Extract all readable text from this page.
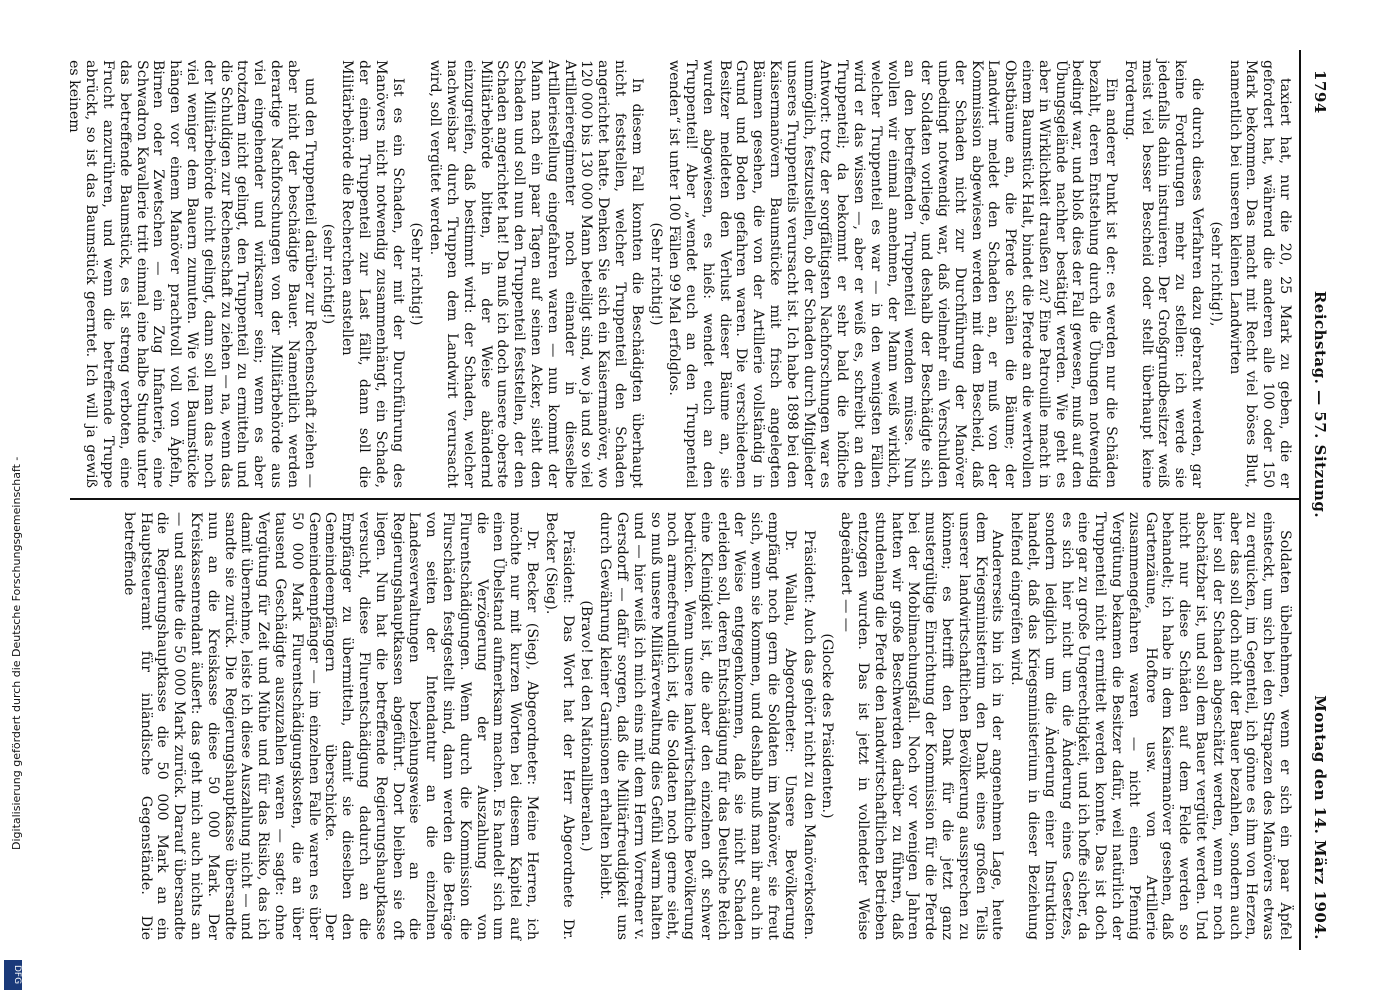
Digitalisierung gefördert durch die Deutsche Forschungsgemeinschaft -
DFG
1794
Reichstag. — 57. Sitzung.
Montag den 14. März 1904.

taxiert hat, nur die 20, 25 Mark zu geben, die er gefordert hat, während die anderen alle 100 oder 150 Mark bekommen. Das macht mit Recht viel böses Blut, namentlich bei unseren kleinen Landwirten

(sehr richtig!),

die durch dieses Verfahren dazu gebracht werden, gar keine Forderungen mehr zu stellen: ich werde sie jedenfalls dahin instruieren. Der Großgrundbesitzer weiß meist viel besser Bescheid oder stellt überhaupt keine Forderung.

Ein anderer Punkt ist der: es werden nur die Schäden bezahlt, deren Entstehung durch die Übungen notwendig bedingt war, und bloß dies der Fall gewesen, muß auf den Übungsgelände nachher bestätigt werden. Wie geht es aber in Wirklichkeit draußen zu? Eine Patrouille macht in einem Baumstück Halt, bindet die Pferde an die wertvollen Obstbäume an, die Pferde schälen die Bäume; der Landwirt meldet den Schaden an, er muß von der Kommission abgewiesen werden mit dem Bescheid, daß der Schaden nicht zur Durchführung der Manöver unbedingt notwendig war, daß vielmehr ein Verschulden der Soldaten vorliege, und deshalb der Beschädigte sich an den betreffenden Truppenteil wenden müsse. Nun wollen wir einmal annehmen, der Mann weiß wirklich, welcher Truppenteil es war — in den wenigsten Fällen wird er das wissen —, aber er weiß es, schreibt an den Truppenteil; da bekommt er sehr bald die höfliche Antwort: trotz der sorgfältigsten Nachforschungen war es unmöglich, festzustellen, ob der Schaden durch Mitglieder unseres Truppenteils verursacht ist. Ich habe 1898 bei den Kaisermanövern Baumstücke mit frisch angelegten Bäumen gesehen, die von der Artillerie vollständig in Grund und Boden gefahren waren. Die verschiedenen Besitzer meldeten den Verlust dieser Bäume an, sie wurden abgewiesen, es hieß: wendet euch an den Truppenteil! Aber „wendet euch an den Truppenteil wenden“ ist unter 100 Fällen 99 Mal erfolglos.

(Sehr richtig!)

In diesem Fall konnten die Beschädigten überhaupt nicht feststellen, welcher Truppenteil den Schaden angerichtet hatte. Denken Sie sich ein Kaisermanöver, wo 120 000 bis 130 000 Mann beteiligt sind, wo ja und so viel Artillerieregimenter noch einander in diesselbe Artilleriestellung eingefahren waren — nun kommt der Mann nach ein paar Tagen auf seinen Acker, sieht den Schaden und soll nun den Truppenteil feststellen, der den Schaden angerichtet hat! Da muß ich doch unsere oberste Militärbehörde bitten, in der Weise abändernd einzugreifen, daß bestimmt wird: der Schaden, welcher nachweisbar durch Truppen dem Landwirt verursacht wird, soll vergütet werden.

(Sehr richtig!)

Ist es ein Schaden, der mit der Durchführung des Manövers nicht notwendig zusammenhängt, ein Schade, der einem Truppenteil zur Last fällt, dann soll die Militärbehörde die Recherchen anstellen

(sehr richtig!)

und den Truppenteil darüber zur Rechenschaft ziehen — aber nicht der beschädigte Bauer. Namentlich werden derartige Nachforschungen von der Militärbehörde aus viel eingehender und wirksamer sein; wenn es aber trotzdem nicht gelingt, den Truppenteil zu ermitteln und die Schuldigen zur Rechenschaft zu ziehen — na, wenn das der Militärbehörde nicht gelingt, dann soll man das noch viel weniger dem Bauern zumuten. Wie viel Baumstücke hängen vor einem Manöver prachtvoll voll von Äpfeln, Birnen oder Zwetschen — ein Zug Infanterie, eine Schwadron Kavallerie tritt einmal eine halbe Stunde unter das betreffende Baumstück, es ist streng verboten, eine Frucht anzurühren, und wenn die betreffende Truppe abrückt, so ist das Baumstück geerntet. Ich will ja gewiß es keinem

Soldaten übelnehmen, wenn er sich ein paar Äpfel einsteckt, um sich bei den Strapazen des Manövers etwas zu erquicken, im Gegenteil, ich gönne es ihm von Herzen, aber das soll doch nicht der Bauer bezahlen, sondern auch hier soll der Schaden abgeschätzt werden, wenn er noch abschätzbar ist, und soll dem Bauer vergütet werden. Und nicht nur diese Schäden auf dem Felde werden so behandelt; ich habe in dem Kaisermanöver gesehen, daß Gartenzäune, Hoftore usw. von Artillerie zusammengefahren waren — nicht einen Pfennig Vergütung bekamen die Besitzer dafür, weil natürlich der Truppenteil nicht ermittelt werden konnte. Das ist doch eine gar zu große Ungerechtigkeit, und ich hoffe sicher, da es sich hier nicht um die Änderung eines Gesetzes, sondern lediglich um die Änderung einer Instruktion handelt, daß das Kriegsministerium in dieser Beziehung helfend eingreifen wird.

Andererseits bin ich in der angenehmen Lage, heute dem Kriegsministerium den Dank eines großen Teils unserer landwirtschaftlichen Bevölkerung aussprechen zu können; es betrifft den Dank für die jetzt ganz mustergültige Einrichtung der Kommission für die Pferde bei der Mobilmachungsfall. Noch vor wenigen Jahren hatten wir große Beschwerden darüber zu führen, daß stundenlang die Pferde den landwirtschaftlichen Betrieben entzogen wurden. Das ist jetzt in vollendeter Weise abgeändert — —

(Glocke des Präsidenten.)

Präsident: Auch das gehört nicht zu den Manöverkosten.

Dr. Wallau, Abgeordneter: Unsere Bevölkerung empfängt noch gern die Soldaten im Manöver, sie freut sich, wenn sie kommen, und deshalb muß man ihr auch in der Weise entgegenkommen, daß sie nicht Schaden erleiden soll, deren Entschädigung für das Deutsche Reich eine Kleinigkeit ist, die aber den einzelnen oft schwer bedrücken. Wenn unsere landwirtschaftliche Bevölkerung noch armeefreundlich ist, die Soldaten noch gerne sieht, so muß unsere Militärverwaltung dies Gefühl warm halten und — hier weiß ich mich eins mit dem Herrn Vorredner v. Gersdorff — dafür sorgen, daß die Militärfreudigkeit uns durch Gewährung kleiner Garnisonen erhalten bleibt.

(Bravo! bei den Nationalliberalen.)

Präsident: Das Wort hat der Herr Abgeordnete Dr. Becker (Sieg).

Dr. Becker (Sieg), Abgeordneter: Meine Herren, ich möchte nur mit kurzen Worten bei diesem Kapitel auf einen Übelstand aufmerksam machen. Es handelt sich um die Verzögerung der Auszahlung von Flurentschädigungen. Wenn durch die Kommission die Flurschäden festgestellt sind, dann werden die Beträge von seiten der Intendantur an die einzelnen Landesverwaltungen beziehungsweise an die Regierungshauptkassen abgeführt. Dort bleiben sie oft liegen. Nun hat die betreffende Regierungshauptkasse versucht, diese Flurentschädigung dadurch an die Empfänger zu übermitteln, damit sie dieselben den Gemeindeempfängern überschickte. Der Gemeindeempfänger — im einzelnen Falle waren es über 50 000 Mark Flurentschädigungskosten, die an über tausend Geschädigte auszuzahlen waren — sagte: ohne Vergütung für Zeit und Mühe und für das Risiko, das ich damit übernehme, leiste ich diese Auszahlung nicht — und sandte sie zurück. Die Regierungshauptkasse übersandte nun an die Kreiskasse diese 50 000 Mark. Der Kreiskassenrendant äußert: das geht mich auch nichts an — und sandte die 50 000 Mark zurück. Darauf übersandte die Regierungshauptkasse die 50 000 Mark an ein Hauptsteueramt für inländische Gegenstände. Die betreffende
